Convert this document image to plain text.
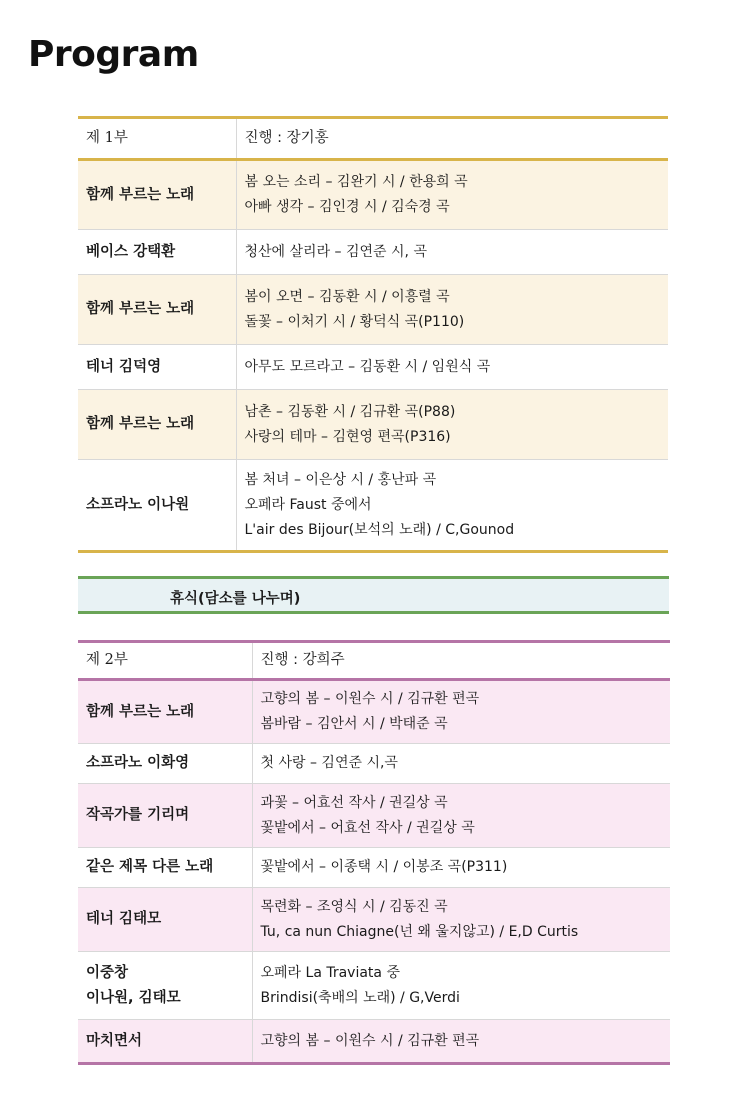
Program
제 1부	진행 : 장기홍

함께 부르는 노래	봄 오는 소리 – 김완기 시 / 한용희 곡
아빠 생각 – 김인경 시 / 김숙경 곡

베이스 강택환	청산에 살리라 – 김연준 시, 곡

함께 부르는 노래	봄이 오면 – 김동환 시 / 이흥렬 곡
돌꽃 – 이처기 시 / 황덕식 곡(P110)

테너 김덕영	아무도 모르라고 – 김동환 시 / 임원식 곡

함께 부르는 노래	남촌 – 김동환 시 / 김규환 곡(P88)
사랑의 테마 – 김현영 편곡(P316)

소프라노 이나원	봄 처녀 – 이은상 시 / 홍난파 곡
오페라 Faust 중에서
L'air des Bijour(보석의 노래) / C,Gounod
휴식(담소를 나누며)
제 2부	진행 : 강희주

함께 부르는 노래	고향의 봄 – 이원수 시 / 김규환 편곡
봄바람 – 김안서 시 / 박태준 곡

소프라노 이화영	첫 사랑 – 김연준 시,곡

작곡가를 기리며	과꽃 – 어효선 작사 / 권길상 곡
꽃밭에서 – 어효선 작사 / 권길상 곡

같은 제목 다른 노래	꽃밭에서 – 이종택 시 / 이봉조 곡(P311)

테너 김태모	목련화 – 조영식 시 / 김동진 곡
Tu, ca nun Chiagne(넌 왜 울지않고) / E,D Curtis

이중창
이나원, 김태모	오페라 La Traviata 중
Brindisi(축배의 노래) / G,Verdi

마치면서	고향의 봄 – 이원수 시 / 김규환 편곡
